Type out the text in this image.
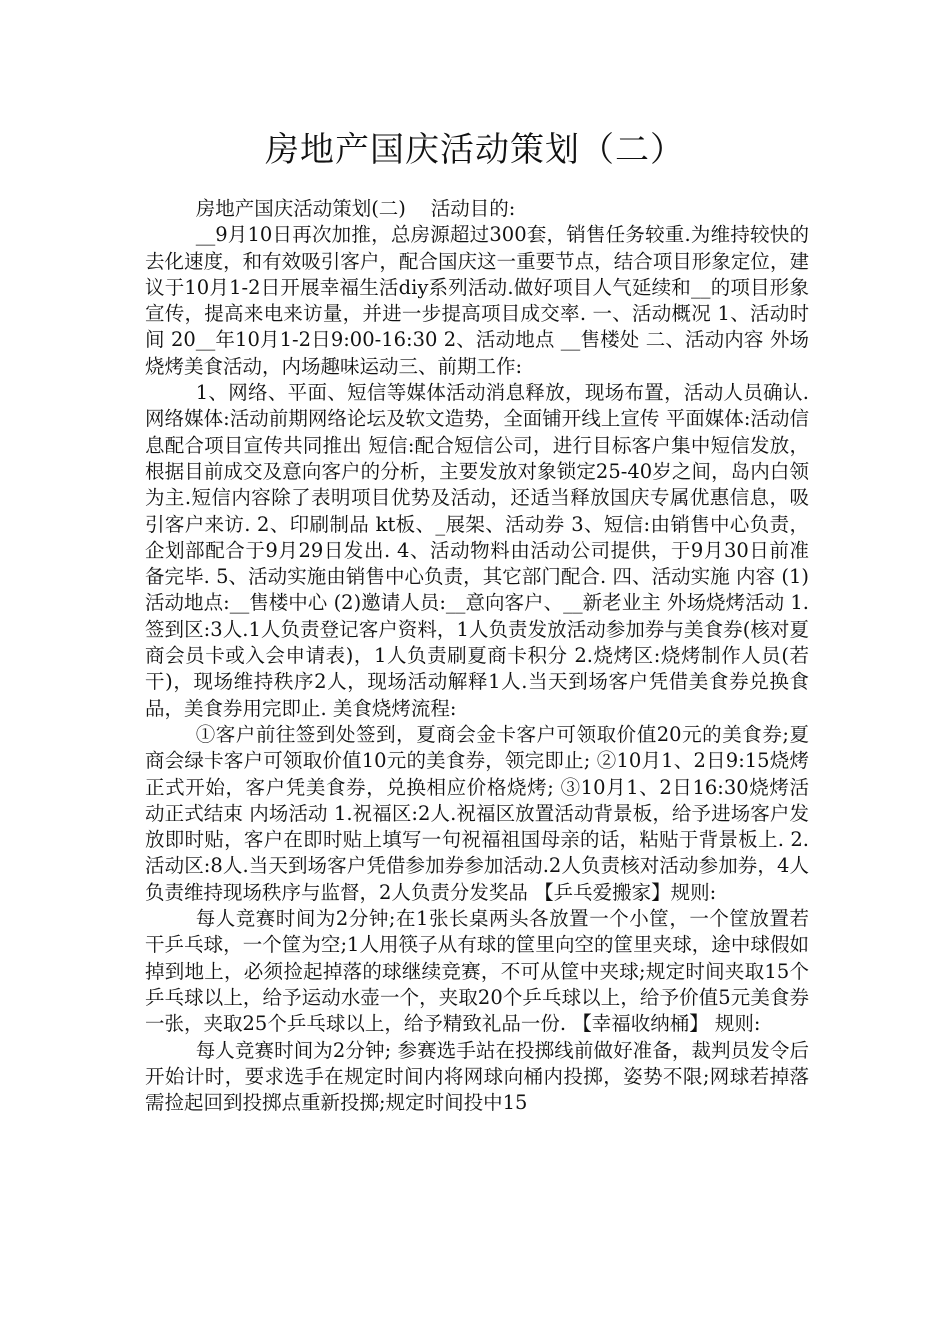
房地产国庆活动策划（二）

房地产国庆活动策划(二)    活动目的:

__9月10日再次加推，总房源超过300套，销售任务较重.为维持较快的去化速度，和有效吸引客户，配合国庆这一重要节点，结合项目形象定位，建议于10月1-2日开展幸福生活diy系列活动.做好项目人气延续和__的项目形象宣传，提高来电来访量，并进一步提高项目成交率. 一、活动概况 1、活动时间 20__年10月1-2日9:00-16:30 2、活动地点 __售楼处 二、活动内容 外场烧烤美食活动，内场趣味运动三、前期工作:

1、网络、平面、短信等媒体活动消息释放，现场布置，活动人员确认. 网络媒体:活动前期网络论坛及软文造势，全面铺开线上宣传 平面媒体:活动信息配合项目宣传共同推出 短信:配合短信公司，进行目标客户集中短信发放，根据目前成交及意向客户的分析，主要发放对象锁定25-40岁之间，岛内白领为主.短信内容除了表明项目优势及活动，还适当释放国庆专属优惠信息，吸引客户来访. 2、印刷制品 kt板、_展架、活动券 3、短信:由销售中心负责，企划部配合于9月29日发出. 4、活动物料由活动公司提供，于9月30日前准备完毕. 5、活动实施由销售中心负责，其它部门配合. 四、活动实施 内容 (1)活动地点:__售楼中心 (2)邀请人员:__意向客户、__新老业主 外场烧烤活动 1.签到区:3人.1人负责登记客户资料，1人负责发放活动参加券与美食券(核对夏商会员卡或入会申请表)，1人负责刷夏商卡积分 2.烧烤区:烧烤制作人员(若干)，现场维持秩序2人，现场活动解释1人.当天到场客户凭借美食券兑换食品，美食券用完即止. 美食烧烤流程:

①客户前往签到处签到，夏商会金卡客户可领取价值20元的美食券;夏商会绿卡客户可领取价值10元的美食券，领完即止; ②10月1、2日9:15烧烤正式开始，客户凭美食券，兑换相应价格烧烤; ③10月1、2日16:30烧烤活动正式结束 内场活动 1.祝福区:2人.祝福区放置活动背景板，给予进场客户发放即时贴，客户在即时贴上填写一句祝福祖国母亲的话，粘贴于背景板上. 2.活动区:8人.当天到场客户凭借参加券参加活动.2人负责核对活动参加券，4人负责维持现场秩序与监督，2人负责分发奖品 【乒乓爱搬家】规则:

每人竞赛时间为2分钟;在1张长桌两头各放置一个小筐，一个筐放置若干乒乓球，一个筐为空;1人用筷子从有球的筐里向空的筐里夹球，途中球假如掉到地上，必须捡起掉落的球继续竞赛，不可从筐中夹球;规定时间夹取15个乒乓球以上，给予运动水壶一个，夹取20个乒乓球以上，给予价值5元美食券一张，夹取25个乒乓球以上，给予精致礼品一份. 【幸福收纳桶】 规则:

每人竞赛时间为2分钟; 参赛选手站在投掷线前做好准备，裁判员发令后开始计时，要求选手在规定时间内将网球向桶内投掷，姿势不限;网球若掉落需捡起回到投掷点重新投掷;规定时间投中15
